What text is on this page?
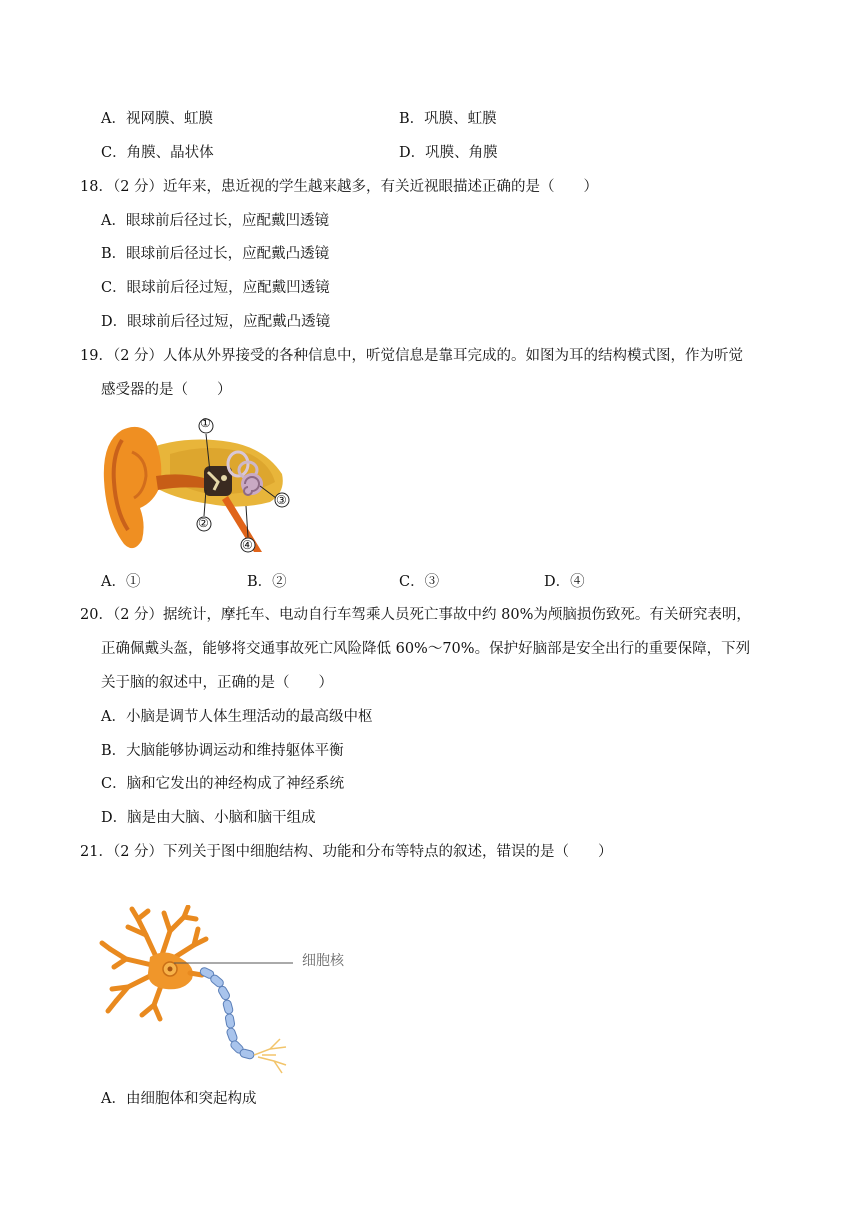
A．视网膜、虹膜	B．巩膜、虹膜
C．角膜、晶状体	D．巩膜、角膜
18．（2 分）近年来，患近视的学生越来越多，有关近视眼描述正确的是（　　）
A．眼球前后径过长，应配戴凹透镜
B．眼球前后径过长，应配戴凸透镜
C．眼球前后径过短，应配戴凹透镜
D．眼球前后径过短，应配戴凸透镜
19．（2 分）人体从外界接受的各种信息中，听觉信息是靠耳完成的。如图为耳的结构模式图，作为听觉
感受器的是（　　）
①
②
③
④
A．①	B．②	C．③	D．④
20．（2 分）据统计，摩托车、电动自行车驾乘人员死亡事故中约 80%为颅脑损伤致死。有关研究表明，
正确佩戴头盔，能够将交通事故死亡风险降低 60%～70%。保护好脑部是安全出行的重要保障，下列
关于脑的叙述中，正确的是（　　）
A．小脑是调节人体生理活动的最高级中枢
B．大脑能够协调运动和维持躯体平衡
C．脑和它发出的神经构成了神经系统
D．脑是由大脑、小脑和脑干组成
21．（2 分）下列关于图中细胞结构、功能和分布等特点的叙述，错误的是（　　）
细胞核
A．由细胞体和突起构成
